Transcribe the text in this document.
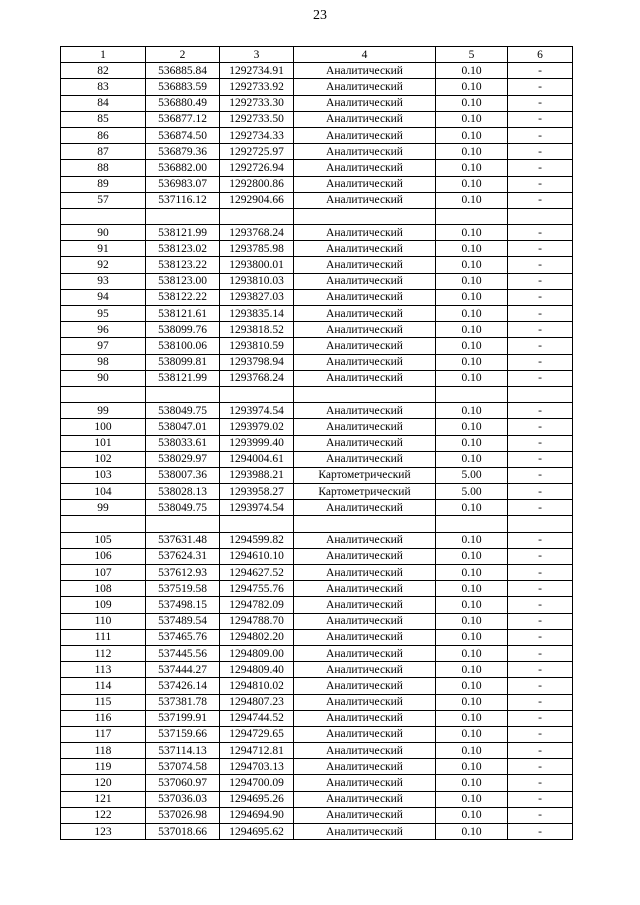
23
1	2	3	4	5	6
82	536885.84	1292734.91	Аналитический	0.10	-
83	536883.59	1292733.92	Аналитический	0.10	-
84	536880.49	1292733.30	Аналитический	0.10	-
85	536877.12	1292733.50	Аналитический	0.10	-
86	536874.50	1292734.33	Аналитический	0.10	-
87	536879.36	1292725.97	Аналитический	0.10	-
88	536882.00	1292726.94	Аналитический	0.10	-
89	536983.07	1292800.86	Аналитический	0.10	-
57	537116.12	1292904.66	Аналитический	0.10	-

90	538121.99	1293768.24	Аналитический	0.10	-
91	538123.02	1293785.98	Аналитический	0.10	-
92	538123.22	1293800.01	Аналитический	0.10	-
93	538123.00	1293810.03	Аналитический	0.10	-
94	538122.22	1293827.03	Аналитический	0.10	-
95	538121.61	1293835.14	Аналитический	0.10	-
96	538099.76	1293818.52	Аналитический	0.10	-
97	538100.06	1293810.59	Аналитический	0.10	-
98	538099.81	1293798.94	Аналитический	0.10	-
90	538121.99	1293768.24	Аналитический	0.10	-

99	538049.75	1293974.54	Аналитический	0.10	-
100	538047.01	1293979.02	Аналитический	0.10	-
101	538033.61	1293999.40	Аналитический	0.10	-
102	538029.97	1294004.61	Аналитический	0.10	-
103	538007.36	1293988.21	Картометрический	5.00	-
104	538028.13	1293958.27	Картометрический	5.00	-
99	538049.75	1293974.54	Аналитический	0.10	-

105	537631.48	1294599.82	Аналитический	0.10	-
106	537624.31	1294610.10	Аналитический	0.10	-
107	537612.93	1294627.52	Аналитический	0.10	-
108	537519.58	1294755.76	Аналитический	0.10	-
109	537498.15	1294782.09	Аналитический	0.10	-
110	537489.54	1294788.70	Аналитический	0.10	-
111	537465.76	1294802.20	Аналитический	0.10	-
112	537445.56	1294809.00	Аналитический	0.10	-
113	537444.27	1294809.40	Аналитический	0.10	-
114	537426.14	1294810.02	Аналитический	0.10	-
115	537381.78	1294807.23	Аналитический	0.10	-
116	537199.91	1294744.52	Аналитический	0.10	-
117	537159.66	1294729.65	Аналитический	0.10	-
118	537114.13	1294712.81	Аналитический	0.10	-
119	537074.58	1294703.13	Аналитический	0.10	-
120	537060.97	1294700.09	Аналитический	0.10	-
121	537036.03	1294695.26	Аналитический	0.10	-
122	537026.98	1294694.90	Аналитический	0.10	-
123	537018.66	1294695.62	Аналитический	0.10	-
